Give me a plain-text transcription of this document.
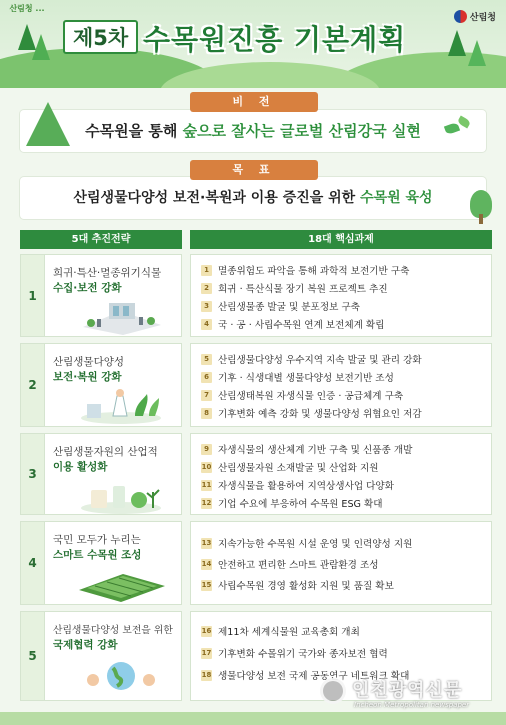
산림청 ...
산림청
제5차 수목원진흥 기본계획
비 전
수목원을 통해 숲으로 잘사는 글로벌 산림강국 실현
목 표
산림생물다양성 보전·복원과 이용 증진을 위한 수목원 육성
5대 추진전략	18대 핵심과제
1
희귀·특산·멸종위기식물
수집·보전 강화
1 멸종위험도 파악을 통해 과학적 보전기반 구축
2 희귀 · 특산식물 장기 복원 프로젝트 추진
3 산림생물종 발굴 및 분포정보 구축
4 국 · 공 · 사립수목원 연계 보전체계 확립
2
산림생물다양성
보전·복원 강화
5 산림생물다양성 우수지역 지속 발굴 및 관리 강화
6 기후 · 식생대별 생물다양성 보전기반 조성
7 산림생태복원 자생식물 인증 · 공급체계 구축
8 기후변화 예측 강화 및 생물다양성 위협요인 저감
3
산림생물자원의 산업적
이용 활성화
9 자생식물의 생산체계 기반 구축 및 신품종 개발
10 산림생물자원 소재발굴 및 산업화 지원
11 자생식물을 활용하여 지역상생사업 다양화
12 기업 수요에 부응하여 수목원 ESG 확대
4
국민 모두가 누리는
스마트 수목원 조성
13 지속가능한 수목원 시설 운영 및 인력양성 지원
14 안전하고 편리한 스마트 관람환경 조성
15 사립수목원 경영 활성화 지원 및 품질 확보
5
산림생물다양성 보전을 위한
국제협력 강화
16 제11차 세계식물원 교육총회 개최
17 기후변화 수몰위기 국가와 종자보전 협력
18 생물다양성 보전 국제 공동연구 네트워크 확대
인천광역신문
Incheon Metropolitan newspaper
